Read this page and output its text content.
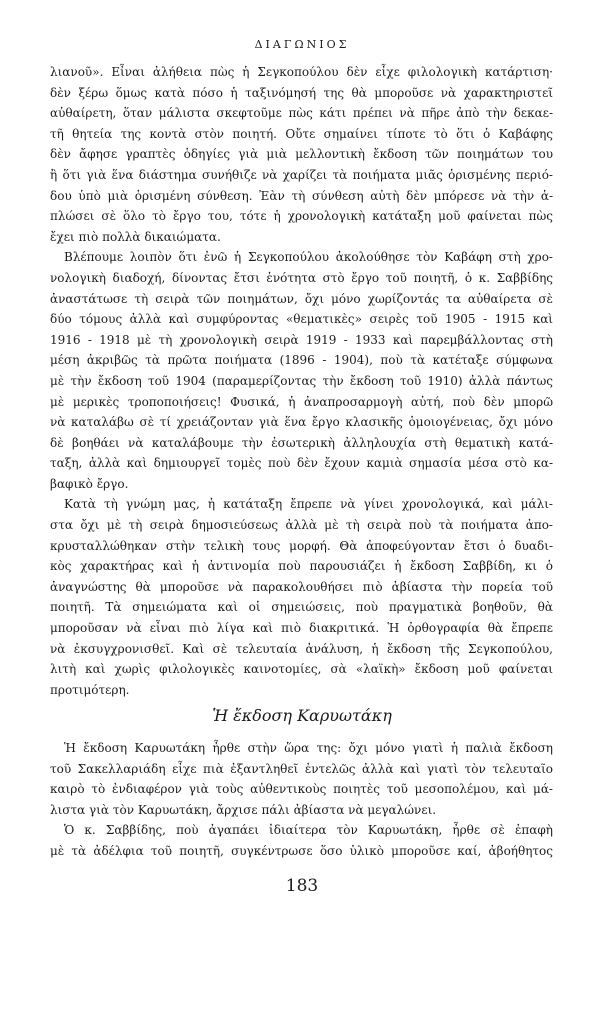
ΔΙΑΓΩΝΙΟΣ
λιανοῦ». Εἶναι ἀλήθεια πὼς ἡ Σεγκοπούλου δὲν εἶχε φιλολογικὴ κατάρτιση·
δὲν ξέρω ὅμως κατὰ πόσο ἡ ταξινόμησή της θὰ μποροῦσε νὰ χαρακτηριστεῖ
αὐθαίρετη, ὅταν μάλιστα σκεφτοῦμε πὼς κάτι πρέπει νὰ πῆρε ἀπὸ τὴν δεκαε-
τῆ θητεία της κοντὰ στὸν ποιητή. Οὔτε σημαίνει τίποτε τὸ ὅτι ὁ Καβάφης
δὲν ἄφησε γραπτὲς ὁδηγίες γιὰ μιὰ μελλοντικὴ ἔκδοση τῶν ποιημάτων του
ἢ ὅτι γιὰ ἕνα διάστημα συνήθιζε νὰ χαρίζει τὰ ποιήματα μιᾶς ὁρισμένης περιό-
δου ὑπὸ μιὰ ὁρισμένη σύνθεση. Ἐὰν τὴ σύνθεση αὐτὴ δὲν μπόρεσε νὰ τὴν ἁ-
πλώσει σὲ ὅλο τὸ ἔργο του, τότε ἡ χρονολογικὴ κατάταξη μοῦ φαίνεται πὼς
ἔχει πιὸ πολλὰ δικαιώματα.
Βλέπουμε λοιπὸν ὅτι ἐνῶ ἡ Σεγκοπούλου ἀκολούθησε τὸν Καβάφη στὴ χρο-
νολογικὴ διαδοχή, δίνοντας ἔτσι ἑνότητα στὸ ἔργο τοῦ ποιητῆ, ὁ κ. Σαββίδης
ἀναστάτωσε τὴ σειρὰ τῶν ποιημάτων, ὄχι μόνο χωρίζοντάς τα αὐθαίρετα σὲ
δύο τόμους ἀλλὰ καὶ συμφύροντας «θεματικὲς» σειρὲς τοῦ 1905 - 1915 καὶ
1916 - 1918 μὲ τὴ χρονολογικὴ σειρὰ 1919 - 1933 καὶ παρεμβάλλοντας στὴ
μέση ἀκριβῶς τὰ πρῶτα ποιήματα (1896 - 1904), ποὺ τὰ κατέταξε σύμφωνα
μὲ τὴν ἔκδοση τοῦ 1904 (παραμερίζοντας τὴν ἔκδοση τοῦ 1910) ἀλλὰ πάντως
μὲ μερικὲς τροποποιήσεις! Φυσικά, ἡ ἀναπροσαρμογὴ αὐτή, ποὺ δὲν μπορῶ
νὰ καταλάβω σὲ τί χρειάζονταν γιὰ ἕνα ἔργο κλασικῆς ὁμοιογένειας, ὄχι μόνο
δὲ βοηθάει νὰ καταλάβουμε τὴν ἐσωτερικὴ ἀλληλουχία στὴ θεματικὴ κατά-
ταξη, ἀλλὰ καὶ δημιουργεῖ τομὲς ποὺ δὲν ἔχουν καμιὰ σημασία μέσα στὸ κα-
βαφικὸ ἔργο.
Κατὰ τὴ γνώμη μας, ἡ κατάταξη ἔπρεπε νὰ γίνει χρονολογικά, καὶ μάλι-
στα ὄχι μὲ τὴ σειρὰ δημοσιεύσεως ἀλλὰ μὲ τὴ σειρὰ ποὺ τὰ ποιήματα ἀπο-
κρυσταλλώθηκαν στὴν τελικὴ τους μορφή. Θὰ ἀποφεύγονταν ἔτσι ὁ δυαδι-
κὸς χαρακτήρας καὶ ἡ ἀντινομία ποὺ παρουσιάζει ἡ ἔκδοση Σαββίδη, κι ὁ
ἀναγνώστης θὰ μποροῦσε νὰ παρακολουθήσει πιὸ ἀβίαστα τὴν πορεία τοῦ
ποιητῆ. Τὰ σημειώματα καὶ οἱ σημειώσεις, ποὺ πραγματικὰ βοηθοῦν, θὰ
μποροῦσαν νὰ εἶναι πιὸ λίγα καὶ πιὸ διακριτικά. Ἡ ὀρθογραφία θὰ ἔπρεπε
νὰ ἐκσυγχρονισθεῖ. Καὶ σὲ τελευταία ἀνάλυση, ἡ ἔκδοση τῆς Σεγκοπούλου,
λιτὴ καὶ χωρὶς φιλολογικὲς καινοτομίες, σὰ «λαϊκὴ» ἔκδοση μοῦ φαίνεται
προτιμότερη.
Ἡ ἔκδοση Καρυωτάκη
Ἡ ἔκδοση Καρυωτάκη ἦρθε στὴν ὥρα της: ὄχι μόνο γιατὶ ἡ παλιὰ ἔκδοση
τοῦ Σακελλαριάδη εἶχε πιὰ ἐξαντληθεῖ ἐντελῶς ἀλλὰ καὶ γιατὶ τὸν τελευταῖο
καιρὸ τὸ ἐνδιαφέρον γιὰ τοὺς αὐθεντικοὺς ποιητὲς τοῦ μεσοπολέμου, καὶ μά-
λιστα γιὰ τὸν Καρυωτάκη, ἄρχισε πάλι ἀβίαστα νὰ μεγαλώνει.
Ὁ κ. Σαββίδης, ποὺ ἀγαπάει ἰδιαίτερα τὸν Καρυωτάκη, ἦρθε σὲ ἐπαφὴ
μὲ τὰ ἀδέλφια τοῦ ποιητῆ, συγκέντρωσε ὅσο ὑλικὸ μποροῦσε καί, ἀβοήθητος
183
